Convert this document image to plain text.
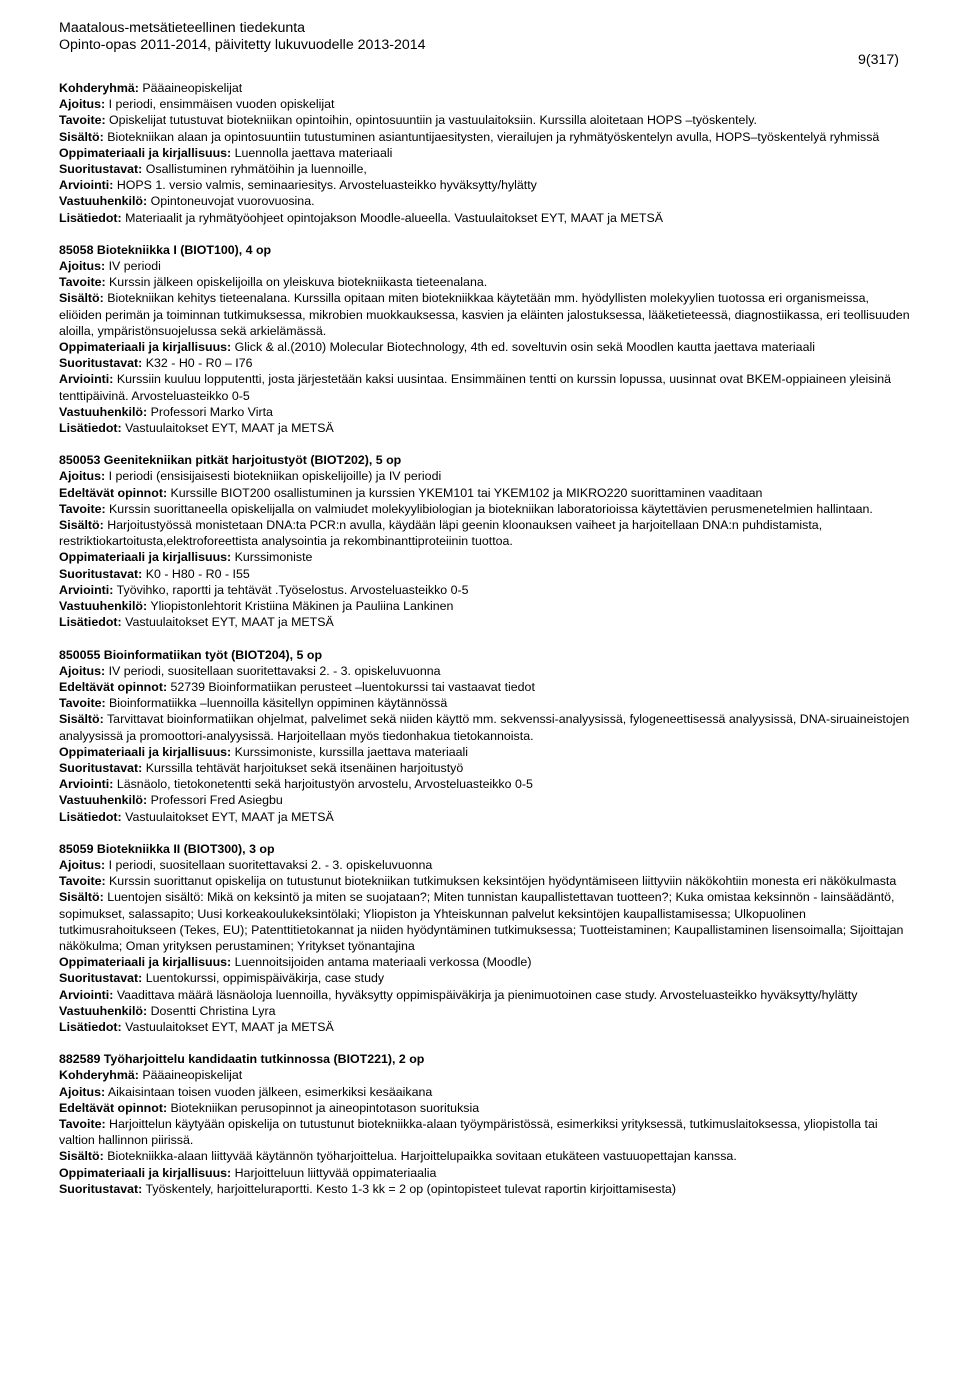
Maatalous-metsätieteellinen tiedekunta
Opinto-opas 2011-2014, päivitetty lukuvuodelle 2013-2014
9(317)
Kohderyhmä: Pääaineopiskelijat
Ajoitus: I periodi, ensimmäisen vuoden opiskelijat
Tavoite: Opiskelijat tutustuvat biotekniikan opintoihin, opintosuuntiin ja vastuulaitoksiin. Kurssilla aloitetaan HOPS –työskentely.
Sisältö: Biotekniikan alaan ja opintosuuntiin tutustuminen asiantuntijaesitysten, vierailujen ja ryhmätyöskentelyn avulla, HOPS–työskentelyä ryhmissä
Oppimateriaali ja kirjallisuus: Luennolla jaettava materiaali
Suoritustavat: Osallistuminen ryhmätöihin ja luennoille,
Arviointi: HOPS 1. versio valmis, seminaariesitys. Arvosteluasteikko hyväksytty/hylätty
Vastuuhenkilö: Opintoneuvojat vuorovuosina.
Lisätiedot: Materiaalit ja ryhmätyöohjeet opintojakson Moodle-alueella. Vastuulaitokset EYT, MAAT ja METSÄ
85058 Biotekniikka I (BIOT100), 4 op
Ajoitus: IV periodi
Tavoite: Kurssin jälkeen opiskelijoilla on yleiskuva biotekniikasta tieteenalana.
Sisältö: Biotekniikan kehitys tieteenalana. Kurssilla opitaan miten biotekniikkaa käytetään mm. hyödyllisten molekyylien tuotossa eri organismeissa, eliöiden perimän ja toiminnan tutkimuksessa, mikrobien muokkauksessa, kasvien ja eläinten jalostuksessa, lääketieteessä, diagnostiikassa, eri teollisuuden aloilla, ympäristönsuojelussa sekä arkielämässä.
Oppimateriaali ja kirjallisuus: Glick & al.(2010) Molecular Biotechnology, 4th ed. soveltuvin osin sekä Moodlen kautta jaettava materiaali
Suoritustavat: K32 - H0 - R0 – I76
Arviointi: Kurssiin kuuluu lopputentti, josta järjestetään kaksi uusintaa. Ensimmäinen tentti on kurssin lopussa, uusinnat ovat BKEM-oppiaineen yleisinä tenttipäivinä. Arvosteluasteikko 0-5
Vastuuhenkilö: Professori Marko Virta
Lisätiedot: Vastuulaitokset EYT, MAAT ja METSÄ
850053 Geenitekniikan pitkät harjoitustyöt (BIOT202), 5 op
Ajoitus: I periodi (ensisijaisesti biotekniikan opiskelijoille) ja IV periodi
Edeltävät opinnot: Kurssille BIOT200 osallistuminen ja kurssien YKEM101 tai YKEM102 ja MIKRO220 suorittaminen vaaditaan
Tavoite: Kurssin suorittaneella opiskelijalla on valmiudet molekyylibiologian ja biotekniikan laboratorioissa käytettävien perusmenetelmien hallintaan.
Sisältö: Harjoitustyössä monistetaan DNA:ta PCR:n avulla, käydään läpi geenin kloonauksen vaiheet ja harjoitellaan DNA:n puhdistamista, restriktiokartoitusta,elektroforeettista analysointia ja rekombinanttiproteiinin tuottoa.
Oppimateriaali ja kirjallisuus: Kurssimoniste
Suoritustavat: K0 - H80 - R0 - I55
Arviointi: Työvihko, raportti ja tehtävät .Työselostus. Arvosteluasteikko 0-5
Vastuuhenkilö: Yliopistonlehtorit Kristiina Mäkinen ja Pauliina Lankinen
Lisätiedot: Vastuulaitokset EYT, MAAT ja METSÄ
850055 Bioinformatiikan työt (BIOT204), 5 op
Ajoitus: IV periodi, suositellaan suoritettavaksi 2. - 3. opiskeluvuonna
Edeltävät opinnot: 52739 Bioinformatiikan perusteet –luentokurssi tai vastaavat tiedot
Tavoite: Bioinformatiikka –luennoilla käsitellyn oppiminen käytännössä
Sisältö: Tarvittavat bioinformatiikan ohjelmat, palvelimet sekä niiden käyttö mm. sekvenssi-analyysissä, fylogeneettisessä analyysissä, DNA-siruaineistojen analyysissä ja promoottori-analyysissä. Harjoitellaan myös tiedonhakua tietokannoista.
Oppimateriaali ja kirjallisuus: Kurssimoniste, kurssilla jaettava materiaali
Suoritustavat: Kurssilla tehtävät harjoitukset sekä itsenäinen harjoitustyö
Arviointi: Läsnäolo, tietokonetentti sekä harjoitustyön arvostelu, Arvosteluasteikko 0-5
Vastuuhenkilö: Professori Fred Asiegbu
Lisätiedot: Vastuulaitokset EYT, MAAT ja METSÄ
85059 Biotekniikka II (BIOT300), 3 op
Ajoitus: I periodi, suositellaan suoritettavaksi 2. - 3. opiskeluvuonna
Tavoite: Kurssin suorittanut opiskelija on tutustunut biotekniikan tutkimuksen keksintöjen hyödyntämiseen liittyviin näkökohtiin monesta eri näkökulmasta
Sisältö: Luentojen sisältö: Mikä on keksintö ja miten se suojataan?; Miten tunnistan kaupallistettavan tuotteen?; Kuka omistaa keksinnön - lainsäädäntö, sopimukset, salassapito; Uusi korkeakoulukeksintölaki; Yliopiston ja Yhteiskunnan palvelut keksintöjen kaupallistamisessa; Ulkopuolinen tutkimusrahoitukseen (Tekes, EU); Patenttitietokannat ja niiden hyödyntäminen tutkimuksessa; Tuotteistaminen; Kaupallistaminen lisensoimalla; Sijoittajan näkökulma; Oman yrityksen perustaminen; Yritykset työnantajina
Oppimateriaali ja kirjallisuus: Luennoitsijoiden antama materiaali verkossa (Moodle)
Suoritustavat: Luentokurssi, oppimispäiväkirja, case study
Arviointi: Vaadittava määrä läsnäoloja luennoilla, hyväksytty oppimispäiväkirja ja pienimuotoinen case study. Arvosteluasteikko hyväksytty/hylätty
Vastuuhenkilö: Dosentti Christina Lyra
Lisätiedot: Vastuulaitokset EYT, MAAT ja METSÄ
882589 Työharjoittelu kandidaatin tutkinnossa (BIOT221), 2 op
Kohderyhmä: Pääaineopiskelijat
Ajoitus: Aikaisintaan toisen vuoden jälkeen, esimerkiksi kesäaikana
Edeltävät opinnot: Biotekniikan perusopinnot ja aineopintotason suorituksia
Tavoite: Harjoittelun käytyään opiskelija on tutustunut biotekniikka-alaan työympäristössä, esimerkiksi yrityksessä, tutkimuslaitoksessa, yliopistolla tai valtion hallinnon piirissä.
Sisältö: Biotekniikka-alaan liittyvää käytännön työharjoittelua. Harjoittelupaikka sovitaan etukäteen vastuuopettajan kanssa.
Oppimateriaali ja kirjallisuus: Harjoitteluun liittyvää oppimateriaalia
Suoritustavat: Työskentely, harjoitteluraportti. Kesto 1-3 kk = 2 op (opintopisteet tulevat raportin kirjoittamisesta)
